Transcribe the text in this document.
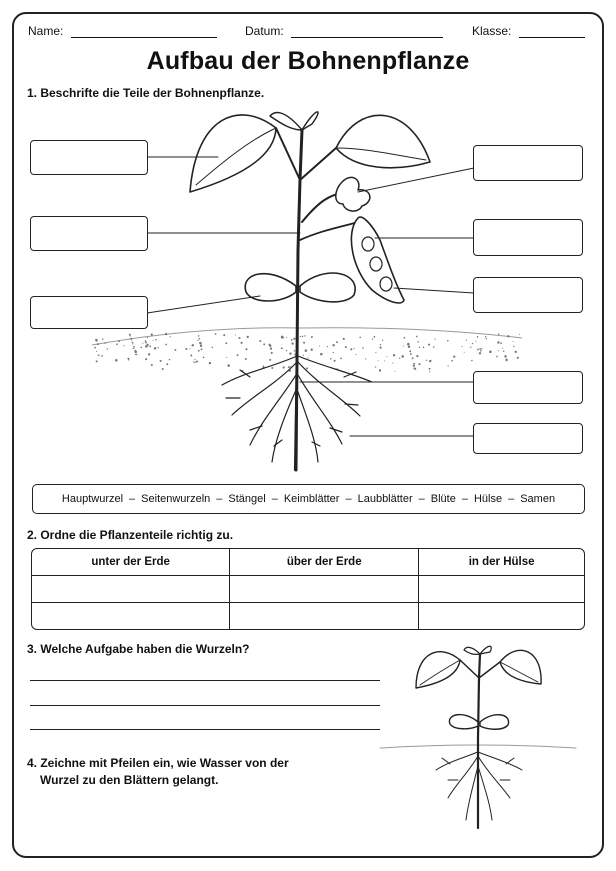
Name:	Datum:	Klasse:
Aufbau der Bohnenpflanze
1. Beschrifte die Teile der Bohnenpflanze.
Hauptwurzel – Seitenwurzeln – Stängel – Keimblätter – Laubblätter – Blüte – Hülse – Samen
2. Ordne die Pflanzenteile richtig zu.
unter der Erde	über der Erde	in der Hülse

3. Welche Aufgabe haben die Wurzeln?
4. Zeichne mit Pfeilen ein, wie Wasser von der
Wurzel zu den Blättern gelangt.
